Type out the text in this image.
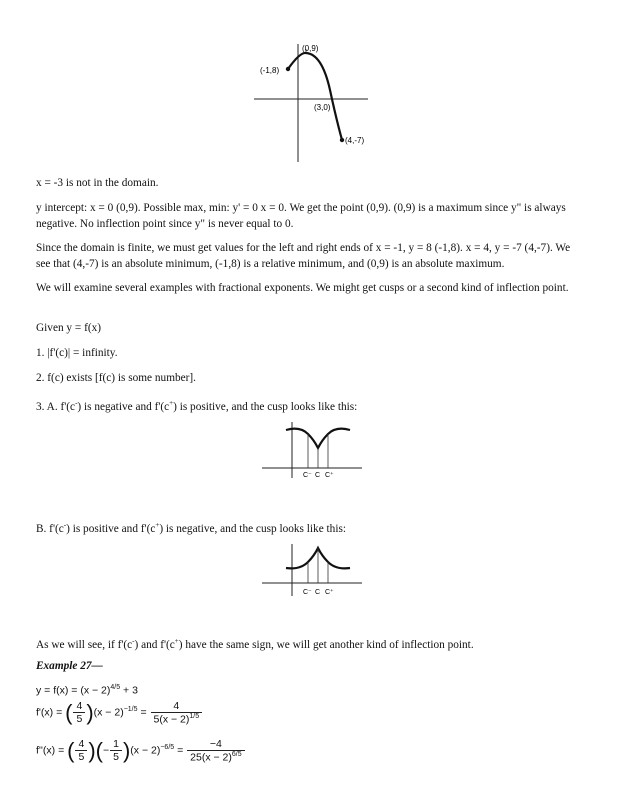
(-1,8)
(0,9)
(3,0)
(4,-7)

x = -3 is not in the domain.

y intercept: x = 0 (0,9). Possible max, min: y' = 0 x = 0. We get the point (0,9). (0,9) is a maximum since y" is always negative. No inflection point since y" is never equal to 0.

Since the domain is finite, we must get values for the left and right ends of x = -1, y = 8 (-1,8). x = 4, y = -7 (4,-7). We see that (4,-7) is an absolute minimum, (-1,8) is a relative minimum, and (0,9) is an absolute maximum.

We will examine several examples with fractional exponents. We might get cusps or a second kind of inflection point.

Given y = f(x)

1. |f'(c)| = infinity.

2. f(c) exists [f(c) is some number].

3. A. f'(c-) is negative and f'(c+) is positive, and the cusp looks like this:

C⁻ C C⁺

B. f'(c-) is positive and f'(c+) is negative, and the cusp looks like this:

C⁻ C C⁺

As we will see, if f'(c-) and f'(c+) have the same sign, we will get another kind of inflection point.

Example 27—

$y = f(x) = (x - 2)^{4/5} + 3$
f'(x) = ( $\frac{4}{5} )(x - 2)^{-1/5} = \frac{4}{5(x - 2)^{1/5}}$
f''(x) = ( $\frac{4}{5}$ )(− $\frac{1}{5} )(x - 2)^{-6/5} = \frac{-4}{25(x - 2)^{6/5}}$
